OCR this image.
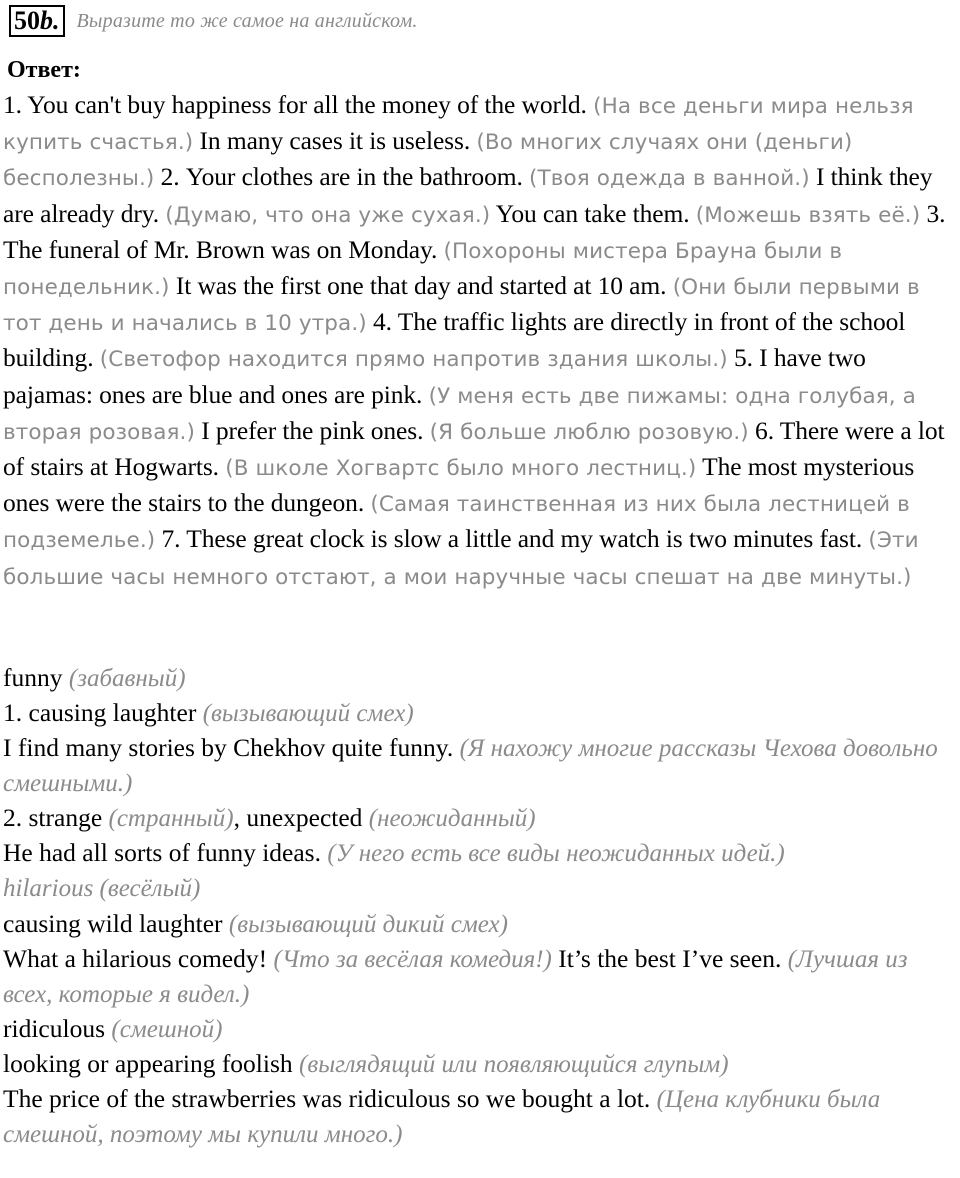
50b. Выразите то же самое на английском.
Ответ:

1. You can't buy happiness for all the money of the world. (На все деньги мира нельзя купить счастья.) In many cases it is useless. (Во многих случаях они (деньги) бесполезны.) 2. Your clothes are in the bathroom. (Твоя одежда в ванной.) I think they are already dry. (Думаю, что она уже сухая.) You can take them. (Можешь взять её.) 3. The funeral of Mr. Brown was on Monday. (Похороны мистера Брауна были в понедельник.) It was the first one that day and started at 10 am. (Они были первыми в тот день и начались в 10 утра.) 4. The traffic lights are directly in front of the school building. (Светофор находится прямо напротив здания школы.) 5. I have two pajamas: ones are blue and ones are pink. (У меня есть две пижамы: одна голубая, а вторая розовая.) I prefer the pink ones. (Я больше люблю розовую.) 6. There were a lot of stairs at Hogwarts. (В школе Хогвартс было много лестниц.) The most mysterious ones were the stairs to the dungeon. (Самая таинственная из них была лестницей в подземелье.) 7. These great clock is slow a little and my watch is two minutes fast. (Эти большие часы немного отстают, а мои наручные часы спешат на две минуты.)

funny (забавный)
1. causing laughter (вызывающий смех)
I find many stories by Chekhov quite funny. (Я нахожу многие рассказы Чехова довольно смешными.)
2. strange (странный), unexpected (неожиданный)
He had all sorts of funny ideas. (У него есть все виды неожиданных идей.)
hilarious (весёлый)
causing wild laughter (вызывающий дикий смех)
What a hilarious comedy! (Что за весёлая комедия!) It’s the best I’ve seen. (Лучшая из всех, которые я видел.)
ridiculous (смешной)
looking or appearing foolish (выглядящий или появляющийся глупым)
The price of the strawberries was ridiculous so we bought a lot. (Цена клубники была смешной, поэтому мы купили много.)
